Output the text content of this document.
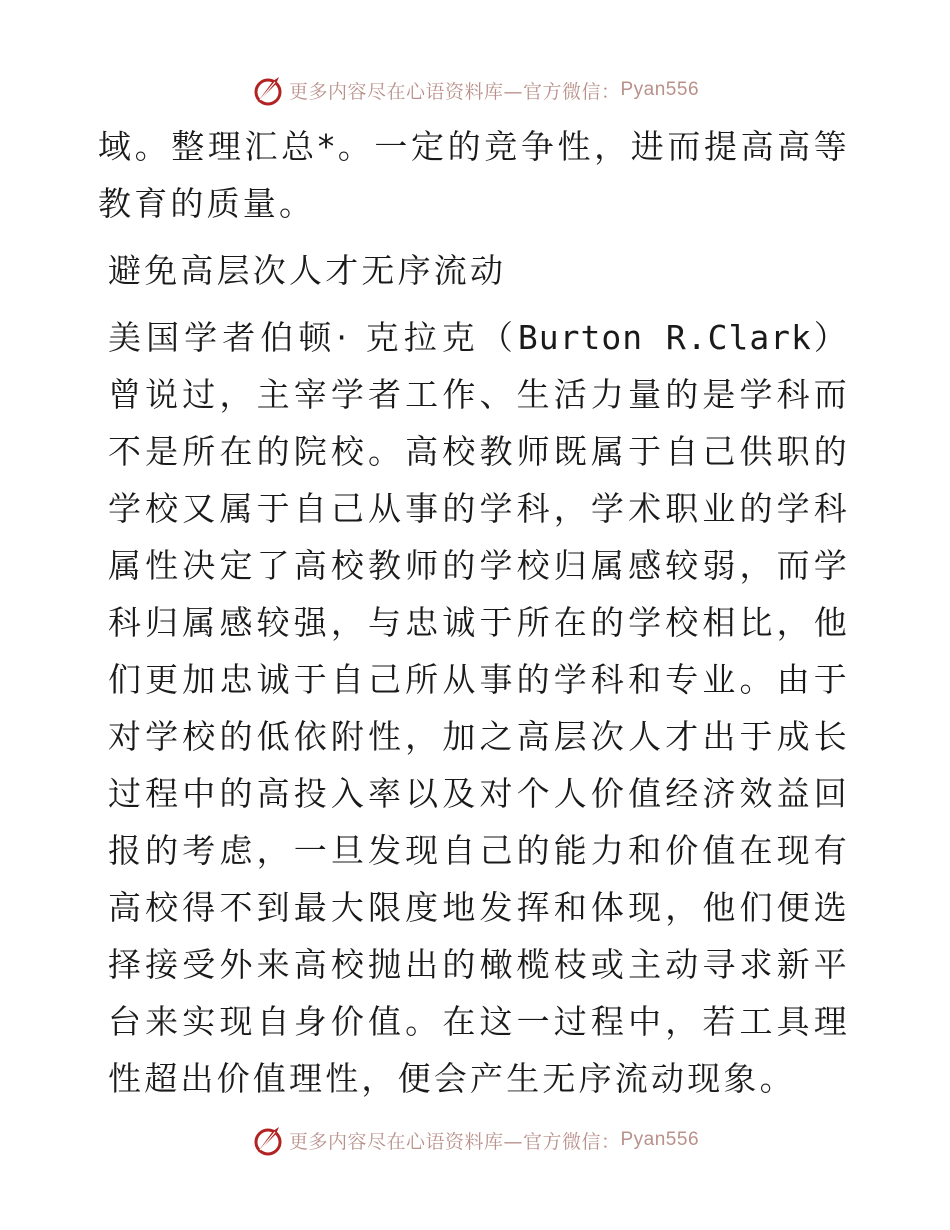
更多内容尽在心语资料库—官方微信： Pyan556

域。整理汇总*。一定的竞争性，进而提高高等教育的质量。

避免高层次人才无序流动

美国学者伯顿· 克拉克（Burton R.Clark）曾说过，主宰学者工作、生活力量的是学科而不是所在的院校。高校教师既属于自己供职的学校又属于自己从事的学科，学术职业的学科属性决定了高校教师的学校归属感较弱，而学科归属感较强，与忠诚于所在的学校相比，他们更加忠诚于自己所从事的学科和专业。由于对学校的低依附性，加之高层次人才出于成长过程中的高投入率以及对个人价值经济效益回报的考虑，一旦发现自己的能力和价值在现有高校得不到最大限度地发挥和体现，他们便选择接受外来高校抛出的橄榄枝或主动寻求新平台来实现自身价值。在这一过程中，若工具理性超出价值理性，便会产生无序流动现象。

更多内容尽在心语资料库—官方微信： Pyan556
